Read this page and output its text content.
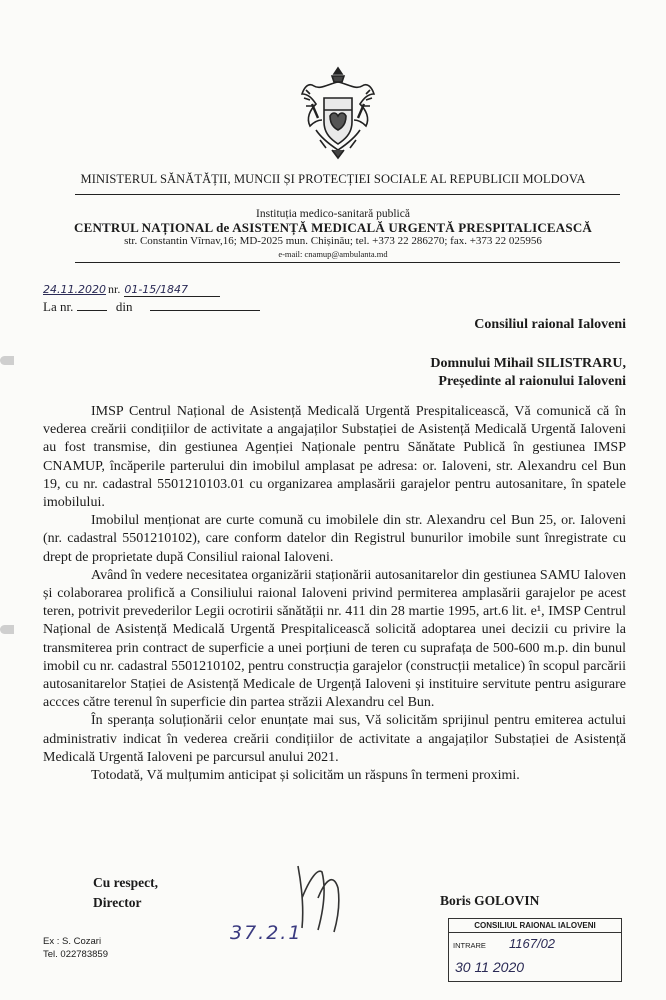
MINISTERUL SĂNĂTĂȚII, MUNCII ȘI PROTECȚIEI SOCIALE AL REPUBLICII MOLDOVA
Instituția medico-sanitară publică
CENTRUL NAȚIONAL de ASISTENȚĂ MEDICALĂ URGENTĂ PRESPITALICEASCĂ
str. Constantin Vîrnav,16; MD-2025 mun. Chișinău; tel. +373 22 286270; fax. +373 22 025956
e-mail: cnamup@ambulanta.md
24.11.2020 nr. 01-15/1847
La nr.	din
Consiliul raional Ialoveni
Domnului Mihail SILISTRARU,
Președinte al raionului Ialoveni

IMSP Centrul Național de Asistență Medicală Urgentă Prespitalicească, Vă comunică că în vederea creării condițiilor de activitate a angajaților Substației de Asistență Medicală Urgentă Ialoveni au fost transmise, din gestiunea Agenției Naționale pentru Sănătate Publică în gestiunea IMSP CNAMUP, încăperile parterului din imobilul amplasat pe adresa: or. Ialoveni, str. Alexandru cel Bun 19, cu nr. cadastral 5501210103.01 cu organizarea amplasării garajelor pentru autosanitare, în spatele imobilului.

Imobilul menționat are curte comună cu imobilele din str. Alexandru cel Bun 25, or. Ialoveni (nr. cadastral 5501210102), care conform datelor din Registrul bunurilor imobile sunt înregistrate cu drept de proprietate după Consiliul raional Ialoveni.

Având în vedere necesitatea organizării staționării autosanitarelor din gestiunea SAMU Ialoven și colaborarea prolifică a Consiliului raional Ialoveni privind permiterea amplasării garajelor pe acest teren, potrivit prevederilor Legii ocrotirii sănătății nr. 411 din 28 martie 1995, art.6 lit. e¹, IMSP Centrul Național de Asistență Medicală Urgentă Prespitalicească solicită adoptarea unei decizii cu privire la transmiterea prin contract de superficie a unei porțiuni de teren cu suprafața de 500-600 m.p. din bunul imobil cu nr. cadastral 5501210102, pentru construcția garajelor (construcții metalice) în scopul parcării autosanitarelor Stației de Asistență Medicale de Urgență Ialoveni și instituire servitute pentru asigurare accces către terenul în superficie din partea străzii Alexandru cel Bun.

În speranța soluționării celor enunțate mai sus, Vă solicităm sprijinul pentru emiterea actului administrativ indicat în vederea creării condițiilor de activitate a angajaților Substației de Asistență Medicală Urgentă Ialoveni pe parcursul anului 2021.

Totodată, Vă mulțumim anticipat și solicităm un răspuns în termeni proximi.

Cu respect,
Director
37.2.1
Boris GOLOVIN
Ex : S. Cozari
Tel. 022783859
CONSILIUL RAIONAL IALOVENI
INTRARE 1167/02
30 11 2020
